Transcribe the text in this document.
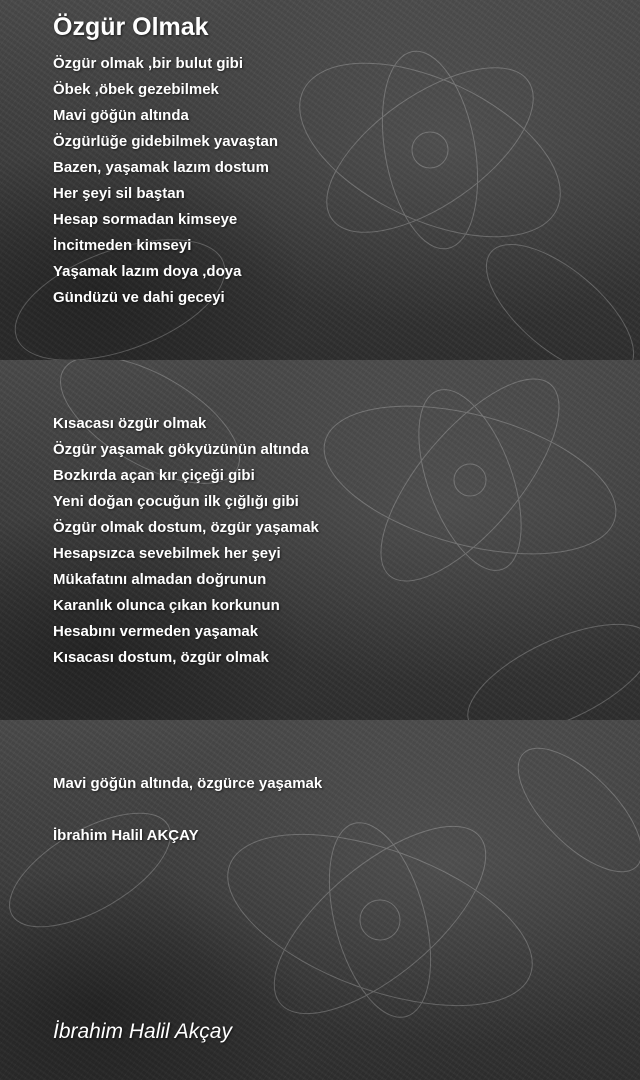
Özgür Olmak
Özgür olmak ,bir bulut gibi
Öbek ,öbek gezebilmek
Mavi göğün altında
Özgürlüğe gidebilmek yavaştan
Bazen, yaşamak lazım dostum
Her şeyi sil baştan
Hesap sormadan kimseye
İncitmeden kimseyi
Yaşamak lazım doya ,doya
Gündüzü ve dahi geceyi
Kısacası özgür olmak
Özgür yaşamak gökyüzünün altında
Bozkırda açan kır çiçeği gibi
Yeni doğan çocuğun ilk çığlığı gibi
Özgür olmak dostum, özgür yaşamak
Hesapsızca sevebilmek her şeyi
Mükafatını almadan doğrunun
Karanlık olunca çıkan korkunun
Hesabını vermeden yaşamak
Kısacası dostum, özgür olmak
Mavi göğün altında, özgürce yaşamak

İbrahim Halil AKÇAY

İbrahim Halil Akçay
